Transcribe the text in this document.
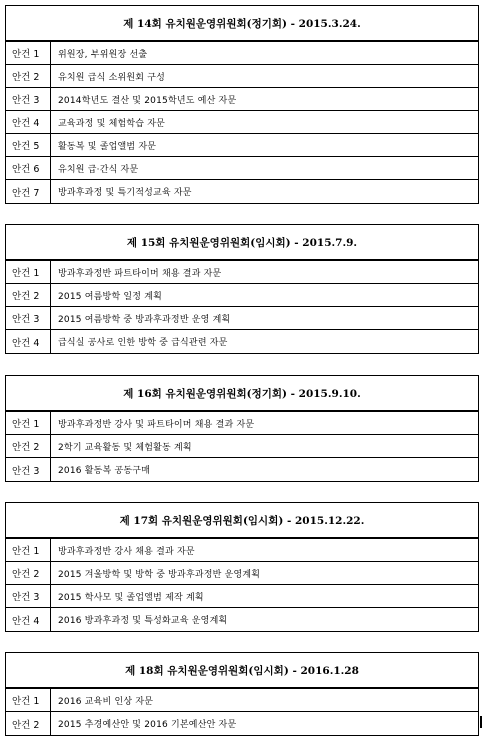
제 14회 유치원운영위원회(정기회) - 2015.3.24.
안건 1	위원장, 부위원장 선출
안건 2	유치원 급식 소위원회 구성
안건 3	2014학년도 결산 및 2015학년도 예산 자문
안건 4	교육과정 및 체험학습 자문
안건 5	활동복 및 졸업앨범 자문
안건 6	유치원 급·간식 자문
안건 7	방과후과정 및 특기적성교육 자문
제 15회 유치원운영위원회(임시회) - 2015.7.9.
안건 1	방과후과정반 파트타이머 채용 결과 자문
안건 2	2015 여름방학 일정 계획
안건 3	2015 여름방학 중 방과후과정반 운영 계획
안건 4	급식실 공사로 인한 방학 중 급식관련 자문
제 16회 유치원운영위원회(정기회) - 2015.9.10.
안건 1	방과후과정반 강사 및 파트타이머 채용 결과 자문
안건 2	2학기 교육활동 및 체험활동 계획
안건 3	2016 활동복 공동구매
제 17회 유치원운영위원회(임시회) - 2015.12.22.
안건 1	방과후과정반 강사 채용 결과 자문
안건 2	2015 겨울방학 및 방학 중 방과후과정반 운영계획
안건 3	2015 학사모 및 졸업앨범 제작 계획
안건 4	2016 방과후과정 및 특성화교육 운영계획
제 18회 유치원운영위원회(임시회) - 2016.1.28
안건 1	2016 교육비 인상 자문
안건 2	2015 추경예산안 및 2016 기본예산안 자문
